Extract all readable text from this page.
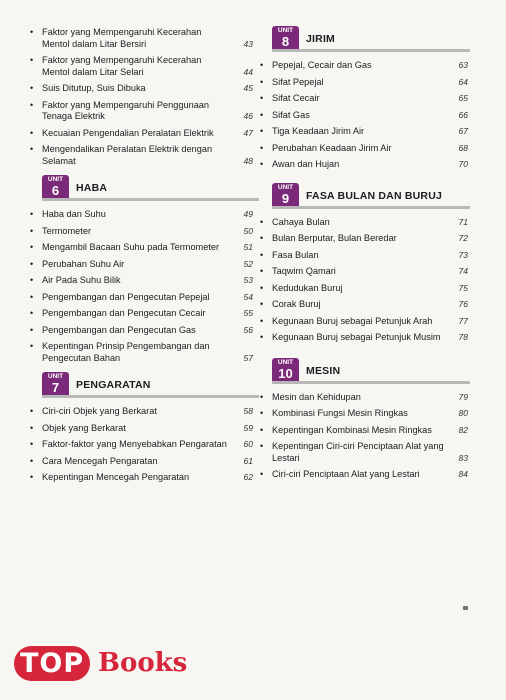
• Faktor yang Mempengaruhi Kecerahan Mentol dalam Litar Bersiri	43
• Faktor yang Mempengaruhi Kecerahan Mentol dalam Litar Selari	44
• Suis Ditutup, Suis Dibuka	45
• Faktor yang Mempengaruhi Penggunaan Tenaga Elektrik	46
• Kecuaian Pengendalian Peralatan Elektrik	47
• Mengendalikan Peralatan Elektrik dengan Selamat	48
UNIT
6	HABA
• Haba dan Suhu	49
• Termometer	50
• Mengambil Bacaan Suhu pada Termometer	51
• Perubahan Suhu Air	52
• Air Pada Suhu Bilik	53
• Pengembangan dan Pengecutan Pepejal	54
• Pengembangan dan Pengecutan Cecair	55
• Pengembangan dan Pengecutan Gas	56
• Kepentingan Prinsip Pengembangan dan Pengecutan Bahan	57
UNIT
7	PENGARATAN
• Ciri-ciri Objek yang Berkarat	58
• Objek yang Berkarat	59
• Faktor-faktor yang Menyebabkan Pengaratan 60
• Cara Mencegah Pengaratan	61
• Kepentingan Mencegah Pengaratan	62
UNIT
8	JIRIM
• Pepejal, Cecair dan Gas	63
• Sifat Pepejal	64
• Sifat Cecair	65
• Sifat Gas	66
• Tiga Keadaan Jirim Air	67
• Perubahan Keadaan Jirim Air	68
• Awan dan Hujan	70
UNIT
9	FASA BULAN DAN BURUJ
• Cahaya Bulan	71
• Bulan Berputar, Bulan Beredar	72
• Fasa Bulan	73
• Taqwim Qamari	74
• Kedudukan Buruj	75
• Corak Buruj	76
• Kegunaan Buruj sebagai Petunjuk Arah	77
• Kegunaan Buruj sebagai Petunjuk Musim 78
UNIT
10	MESIN
• Mesin dan Kehidupan	79
• Kombinasi Fungsi Mesin Ringkas	80
• Kepentingan Kombinasi Mesin Ringkas	82
• Kepentingan Ciri-ciri Penciptaan Alat yang Lestari	83
• Ciri-ciri Penciptaan Alat yang Lestari	84
TOP Books
